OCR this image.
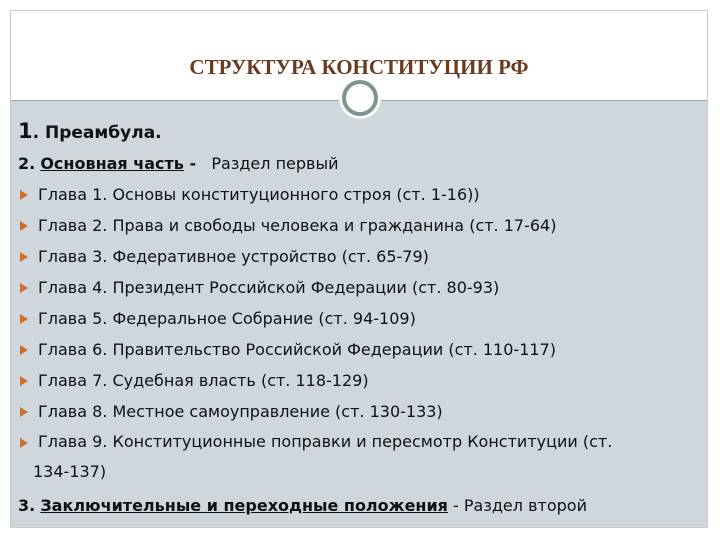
СТРУКТУРА КОНСТИТУЦИИ РФ

1. Преамбула.

2. Основная часть - Раздел первый

Глава 1. Основы конституционного строя (ст. 1-16))

Глава 2. Права и свободы человека и гражданина (ст. 17-64)

Глава 3. Федеративное устройство (ст. 65-79)

Глава 4. Президент Российской Федерации (ст. 80-93)

Глава 5. Федеральное Собрание (ст. 94-109)

Глава 6. Правительство Российской Федерации (ст. 110-117)

Глава 7. Судебная власть (ст. 118-129)

Глава 8. Местное самоуправление (ст. 130-133)

Глава 9. Конституционные поправки и пересмотр Конституции (ст.
134-137)

3. Заключительные и переходные положения - Раздел второй
